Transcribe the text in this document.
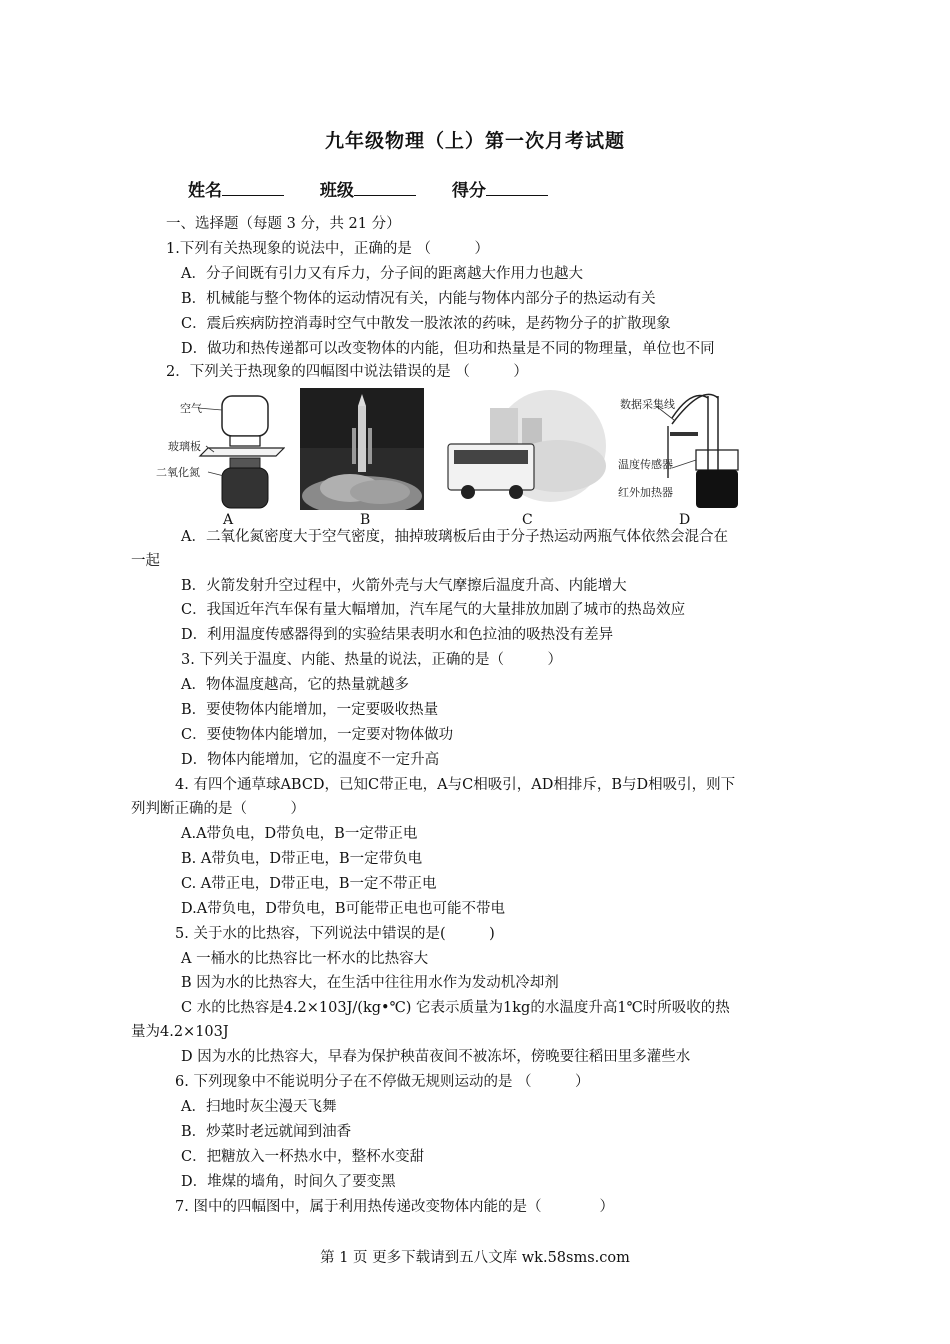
九年级物理（上）第一次月考试题
姓名	班级	得分
一、选择题（每题 3 分，共 21 分）
1.下列有关热现象的说法中，正确的是 （　　　）
A．分子间既有引力又有斥力，分子间的距离越大作用力也越大
B．机械能与整个物体的运动情况有关，内能与物体内部分子的热运动有关
C．震后疾病防控消毒时空气中散发一股浓浓的药味，是药物分子的扩散现象
D．做功和热传递都可以改变物体的内能，但功和热量是不同的物理量，单位也不同
2．下列关于热现象的四幅图中说法错误的是 （　　　）
空气
玻璃板
二氧化氮
数据采集线
温度传感器
红外加热器
A	B	C	D
A．二氧化氮密度大于空气密度，抽掉玻璃板后由于分子热运动两瓶气体依然会混合在
一起
B．火箭发射升空过程中，火箭外壳与大气摩擦后温度升高、内能增大
C．我国近年汽车保有量大幅增加，汽车尾气的大量排放加剧了城市的热岛效应
D．利用温度传感器得到的实验结果表明水和色拉油的吸热没有差异
3. 下列关于温度、内能、热量的说法，正确的是（　　　）
A．物体温度越高，它的热量就越多
B．要使物体内能增加，一定要吸收热量
C．要使物体内能增加，一定要对物体做功
D．物体内能增加，它的温度不一定升高
4. 有四个通草球ABCD，已知C带正电，A与C相吸引，AD相排斥，B与D相吸引，则下
列判断正确的是（　　　）
A.A带负电，D带负电，B一定带正电
B. A带负电，D带正电，B一定带负电
C. A带正电，D带正电，B一定不带正电
D.A带负电，D带负电，B可能带正电也可能不带电
5. 关于水的比热容，下列说法中错误的是(　　　)
A 一桶水的比热容比一杯水的比热容大
B 因为水的比热容大，在生活中往往用水作为发动机冷却剂
C 水的比热容是4.2×103J/(kg•℃) 它表示质量为1kg的水温度升高1℃时所吸收的热
量为4.2×103J
D 因为水的比热容大，早春为保护秧苗夜间不被冻坏，傍晚要往稻田里多灌些水
6. 下列现象中不能说明分子在不停做无规则运动的是 （　　　）
A．扫地时灰尘漫天飞舞
B．炒菜时老远就闻到油香
C．把糖放入一杯热水中，整杯水变甜
D．堆煤的墙角，时间久了要变黑
7. 图中的四幅图中，属于利用热传递改变物体内能的是（　　　　）
第 1 页 更多下载请到五八文库 wk.58sms.com
